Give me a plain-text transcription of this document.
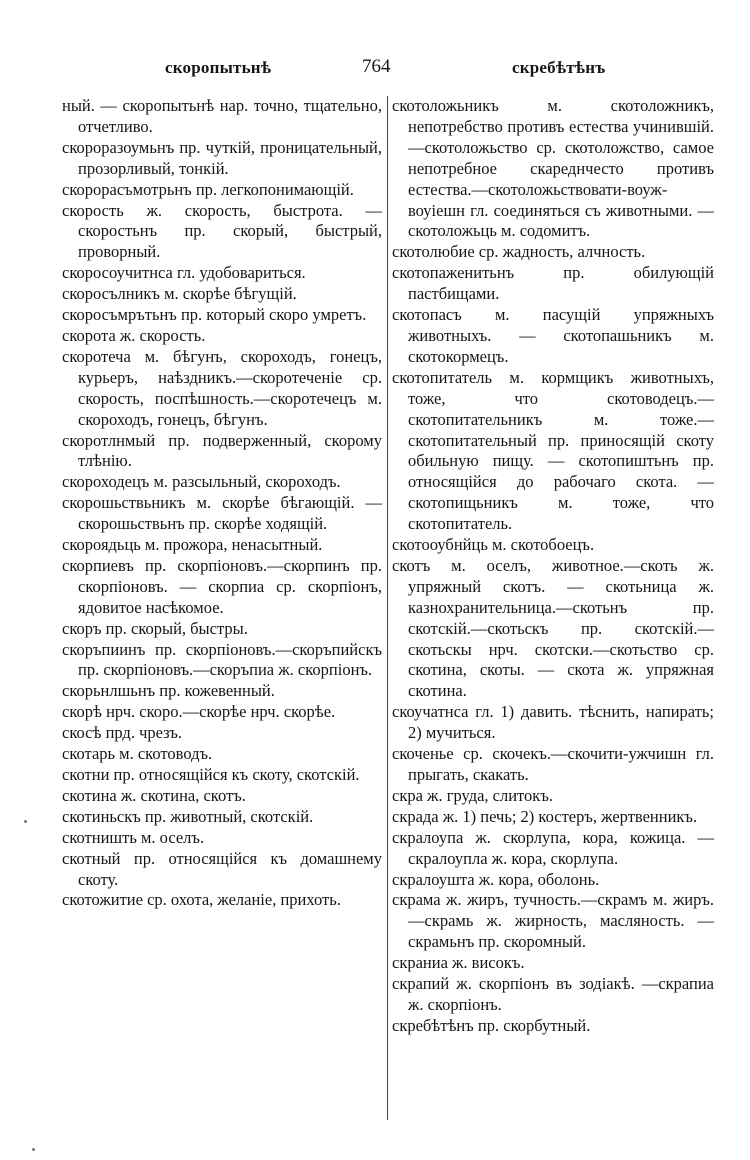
скоропытьнѣ	764	скребѣтѣнъ

ный. — скоропытьнѣ нар. точно, тщательно, отчетливо.

скороразоумьнъ пр. чуткій, проницательный, прозорливый, тонкій.

скорорасъмотрьнъ пр. легкопонимающій.

скорость ж. скорость, быстрота. — скоростьнъ пр. скорый, быстрый, проворный.

скоросоучитнса гл. удобовариться.

скоросълникъ м. скорѣе бѣгущій.

скоросъмрътьнъ пр. который скоро умретъ.

скорота ж. скорость.

скоротеча м. бѣгунъ, скороходъ, гонецъ, курьеръ, наѣздникъ.—скоротеченіе ср. скорость, поспѣшность.—скоротечецъ м. скороходъ, гонецъ, бѣгунъ.

скоротлнмый пр. подверженный, скорому тлѣнію.

скороходецъ м. разсыльный, скороходъ.

скорошьствьникъ м. скорѣе бѣгающій. — скорошьствьнъ пр. скорѣе ходящій.

скороядьць м. прожора, ненасытный.

скорпиевъ пр. скорпіоновъ.—скорпинъ пр. скорпіоновъ. — скорпиа ср. скорпіонъ, ядовитое насѣкомое.

скоръ пр. скорый, быстры.

скоръпиинъ пр. скорпіоновъ.—скоръпийскъ пр. скорпіоновъ.—скоръпиа ж. скорпіонъ.

скорьнлшьнъ пр. кожевенный.

скорѣ нрч. скоро.—скорѣе нрч. скорѣе.

скосѣ прд. чрезъ.

скотарь м. скотоводъ.

скотни пр. относящійся къ скоту, скотскій.

скотина ж. скотина, скотъ.

скотиньскъ пр. животный, скотскій.

скотништь м. оселъ.

скотный пр. относящійся къ домашнему скоту.

скотожитие ср. охота, желаніе, прихоть.

скотоложьникъ м. скотоложникъ, непотребство противъ естества учинившій.—скотоложьство ср. скотоложство, самое непотребное скареднчесто противъ естества.—скотоложьствовати-воуж-воуіешн гл. соединяться съ животными. — скотоложьць м. содомитъ.

скотолюбие ср. жадность, алчность.

скотопаженитьнъ пр. обилующій пастбищами.

скотопасъ м. пасущій упряжныхъ животныхъ. — скотопашьникъ м. скотокормецъ.

скотопитатель м. кормщикъ животныхъ, тоже, что скотоводецъ.—скотопитательникъ м. тоже.—скотопитательный пр. приносящій скоту обильную пищу. — скотопиштьнъ пр. относящійся до рабочаго скота. —скотопищьникъ м. тоже, что скотопитатель.

скотооубнйць м. скотобоецъ.

скотъ м. оселъ, животное.—скоть ж. упряжный скотъ. — скотьница ж. казнохранительница.—скотьнъ пр. скотскій.—скотьскъ пр. скотскій.—скотьскы нрч. скотски.—скотьство ср. скотина, скоты. — скота ж. упряжная скотина.

скоучатнса гл. 1) давить. тѣснить, напирать; 2) мучиться.

скоченье ср. скочекъ.—скочити-ужчишн гл. прыгать, скакать.

скра ж. груда, слитокъ.

скрада ж. 1) печь; 2) костеръ, жертвенникъ.

скралоупа ж. скорлупа, кора, кожица. —скралоупла ж. кора, скорлупа.

скралоушта ж. кора, оболонь.

скрама ж. жиръ, тучность.—скрамъ м. жиръ.—скрамь ж. жирность, масляность. — скрамьнъ пр. скоромный.

скраниа ж. високъ.

скрапий ж. скорпіонъ въ зодіакѣ. —скрапиа ж. скорпіонъ.

скребѣтѣнъ пр. скорбутный.
